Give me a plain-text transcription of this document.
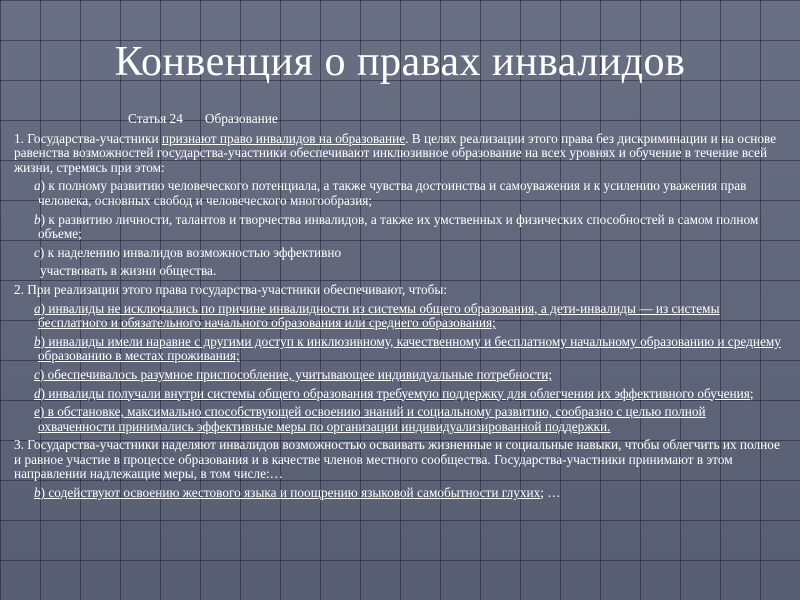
Конвенция о правах инвалидов
Статья 24 Образование
1. Государства-участники признают право инвалидов на образование. В целях реализации этого права без дискриминации и на основе равенства возможностей государства-участники обеспечивают инклюзивное образование на всех уровнях и обучение в течение всей жизни, стремясь при этом:
a) к полному развитию человеческого потенциала, а также чувства достоинства и самоуважения и к усилению уважения прав человека, основных свобод и человеческого многообразия;
b) к развитию личности, талантов и творчества инвалидов, а также их умственных и физических способностей в самом полном объеме;
c) к наделению инвалидов возможностью эффективно
участвовать в жизни общества.
2. При реализации этого права государства-участники обеспечивают, чтобы:
a) инвалиды не исключались по причине инвалидности из системы общего образования, а дети-инвалиды — из системы бесплатного и обязательного начального образования или среднего образования;
b) инвалиды имели наравне с другими доступ к инклюзивному, качественному и бесплатному начальному образованию и среднему образованию в местах проживания;
c) обеспечивалось разумное приспособление, учитывающее индивидуальные потребности;
d) инвалиды получали внутри системы общего образования требуемую поддержку для облегчения их эффективного обучения;
e) в обстановке, максимально способствующей освоению знаний и социальному развитию, сообразно с целью полной охваченности принимались эффективные меры по организации индивидуализированной поддержки.
3. Государства-участники наделяют инвалидов возможностью осваивать жизненные и социальные навыки, чтобы облегчить их полное и равное участие в процессе образования и в качестве членов местного сообщества. Государства-участники принимают в этом направлении надлежащие меры, в том числе:…
b) содействуют освоению жестового языка и поощрению языковой самобытности глухих; …
